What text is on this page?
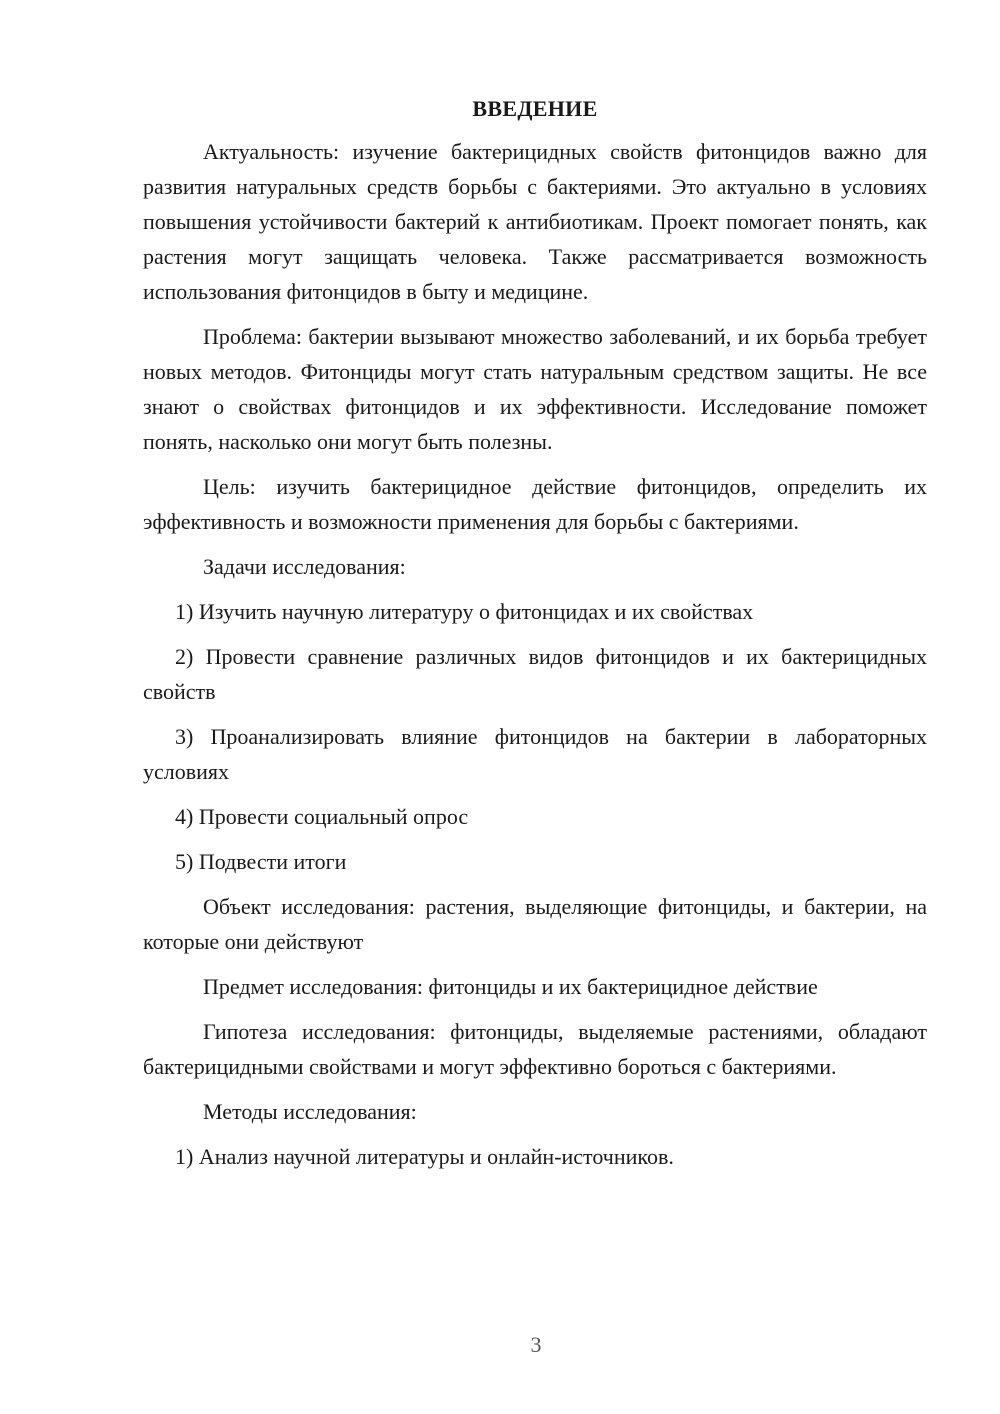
ВВЕДЕНИЕ

Актуальность: изучение бактерицидных свойств фитонцидов важно для развития натуральных средств борьбы с бактериями. Это актуально в условиях повышения устойчивости бактерий к антибиотикам. Проект помогает понять, как растения могут защищать человека. Также рассматривается возможность использования фитонцидов в быту и медицине.

Проблема: бактерии вызывают множество заболеваний, и их борьба требует новых методов. Фитонциды могут стать натуральным средством защиты. Не все знают о свойствах фитонцидов и их эффективности. Исследование поможет понять, насколько они могут быть полезны.

Цель: изучить бактерицидное действие фитонцидов, определить их эффективность и возможности применения для борьбы с бактериями.

Задачи исследования:

1) Изучить научную литературу о фитонцидах и их свойствах

2) Провести сравнение различных видов фитонцидов и их бактерицидных свойств

3) Проанализировать влияние фитонцидов на бактерии в лабораторных условиях

4) Провести социальный опрос

5) Подвести итоги

Объект исследования: растения, выделяющие фитонциды, и бактерии, на которые они действуют

Предмет исследования: фитонциды и их бактерицидное действие

Гипотеза исследования: фитонциды, выделяемые растениями, обладают бактерицидными свойствами и могут эффективно бороться с бактериями.

Методы исследования:

1) Анализ научной литературы и онлайн-источников.

3
